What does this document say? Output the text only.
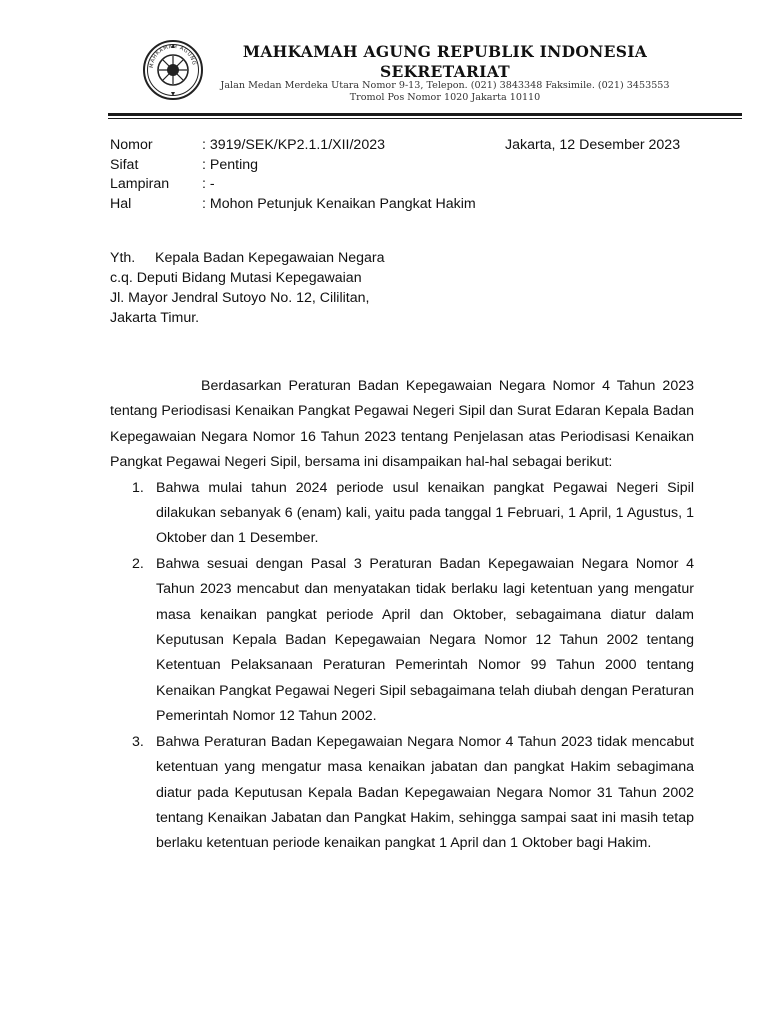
MAHKAMAH AGUNG
MAHKAMAH AGUNG REPUBLIK INDONESIA
SEKRETARIAT
Jalan Medan Merdeka Utara Nomor 9-13, Telepon. (021) 3843348 Faksimile. (021) 3453553
Tromol Pos Nomor 1020 Jakarta 10110
Nomor	: 3919/SEK/KP2.1.1/XII/2023
Sifat	: Penting
Lampiran	: -
Hal	: Mohon Petunjuk Kenaikan Pangkat Hakim
Jakarta, 12 Desember 2023
Yth.	Kepala Badan Kepegawaian Negara
c.q. Deputi Bidang Mutasi Kepegawaian
Jl. Mayor Jendral Sutoyo No. 12, Cililitan,
Jakarta Timur.

Berdasarkan Peraturan Badan Kepegawaian Negara Nomor 4 Tahun 2023 tentang Periodisasi Kenaikan Pangkat Pegawai Negeri Sipil dan Surat Edaran Kepala Badan Kepegawaian Negara Nomor 16 Tahun 2023 tentang Penjelasan atas Periodisasi Kenaikan Pangkat Pegawai Negeri Sipil, bersama ini disampaikan hal-hal sebagai berikut:

1. Bahwa mulai tahun 2024 periode usul kenaikan pangkat Pegawai Negeri Sipil dilakukan sebanyak 6 (enam) kali, yaitu pada tanggal 1 Februari, 1 April, 1 Agustus, 1 Oktober dan 1 Desember.
2. Bahwa sesuai dengan Pasal 3 Peraturan Badan Kepegawaian Negara Nomor 4 Tahun 2023 mencabut dan menyatakan tidak berlaku lagi ketentuan yang mengatur masa kenaikan pangkat periode April dan Oktober, sebagaimana diatur dalam Keputusan Kepala Badan Kepegawaian Negara Nomor 12 Tahun 2002 tentang Ketentuan Pelaksanaan Peraturan Pemerintah Nomor 99 Tahun 2000 tentang Kenaikan Pangkat Pegawai Negeri Sipil sebagaimana telah diubah dengan Peraturan Pemerintah Nomor 12 Tahun 2002.
3. Bahwa Peraturan Badan Kepegawaian Negara Nomor 4 Tahun 2023 tidak mencabut ketentuan yang mengatur masa kenaikan jabatan dan pangkat Hakim sebagimana diatur pada Keputusan Kepala Badan Kepegawaian Negara Nomor 31 Tahun 2002 tentang Kenaikan Jabatan dan Pangkat Hakim, sehingga sampai saat ini masih tetap berlaku ketentuan periode kenaikan pangkat 1 April dan 1 Oktober bagi Hakim.
